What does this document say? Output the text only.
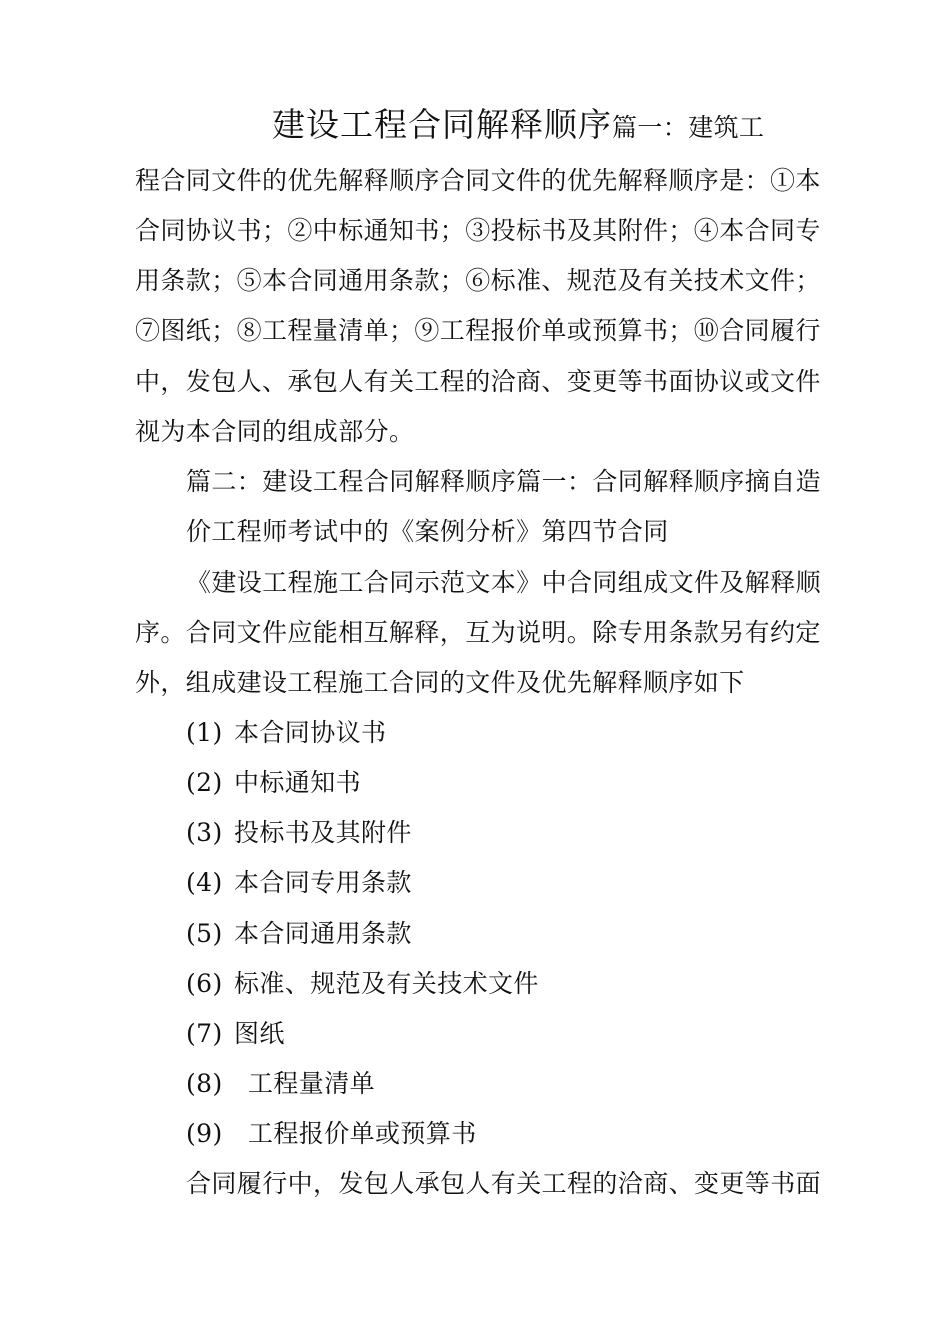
建设工程合同解释顺序篇一：建筑工
程合同文件的优先解释顺序合同文件的优先解释顺序是：①本
合同协议书；②中标通知书；③投标书及其附件；④本合同专
用条款；⑤本合同通用条款；⑥标准、规范及有关技术文件；
⑦图纸；⑧工程量清单；⑨工程报价单或预算书；⑩合同履行
中，发包人、承包人有关工程的洽商、变更等书面协议或文件
视为本合同的组成部分。
篇二：建设工程合同解释顺序篇一：合同解释顺序摘自造
价工程师考试中的《案例分析》第四节合同
《建设工程施工合同示范文本》中合同组成文件及解释顺
序。合同文件应能相互解释，互为说明。除专用条款另有约定
外，组成建设工程施工合同的文件及优先解释顺序如下
(1) 本合同协议书
(2) 中标通知书
(3) 投标书及其附件
(4) 本合同专用条款
(5) 本合同通用条款
(6) 标准、规范及有关技术文件
(7) 图纸
(8) 工程量清单
(9) 工程报价单或预算书
合同履行中，发包人承包人有关工程的洽商、变更等书面
